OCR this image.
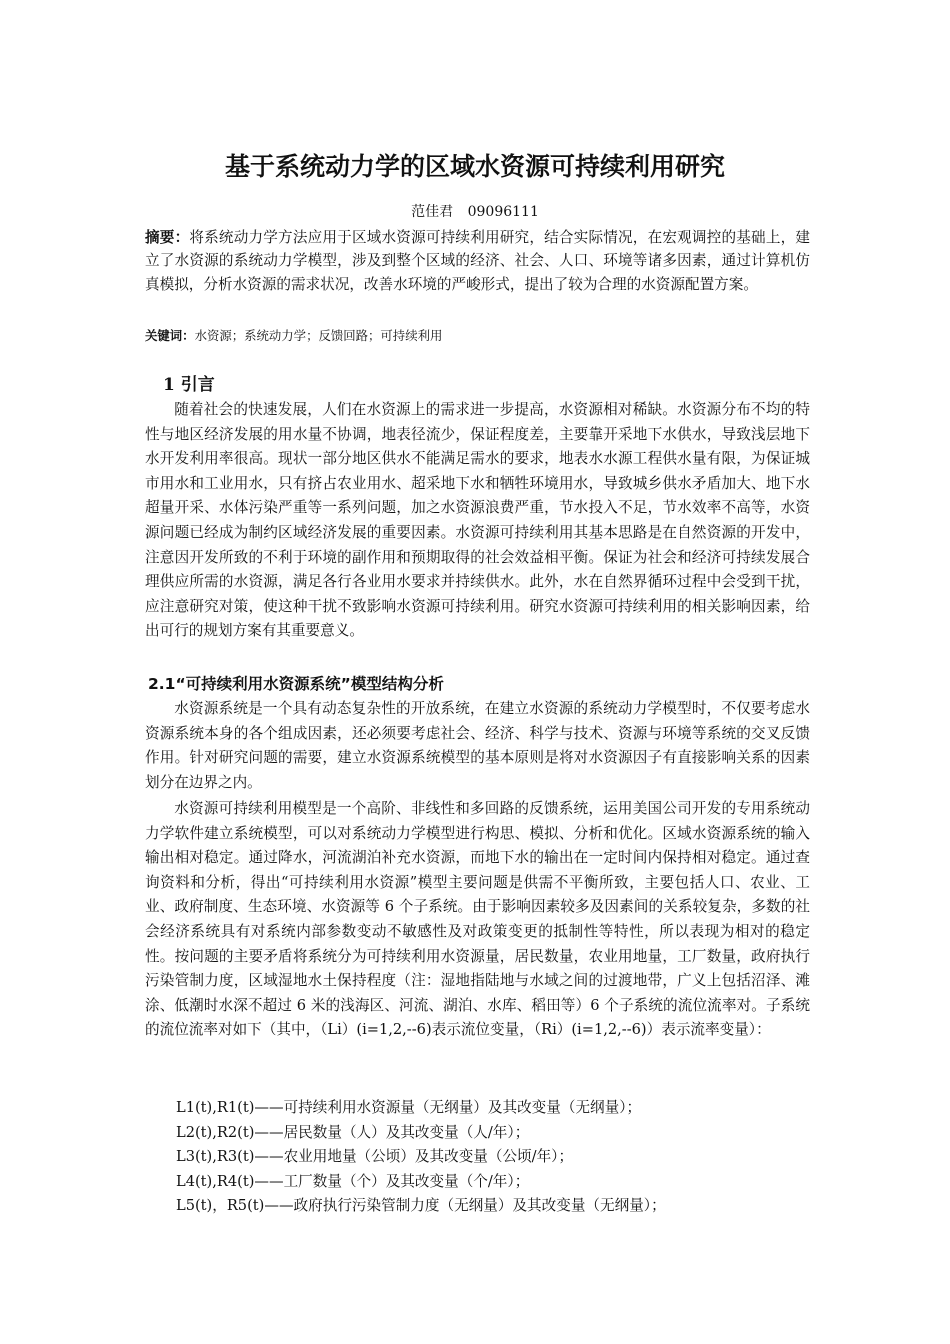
基于系统动力学的区域水资源可持续利用研究
范佳君 09096111

摘要：将系统动力学方法应用于区域水资源可持续利用研究，结合实际情况，在宏观调控的基础上，建立了水资源的系统动力学模型，涉及到整个区域的经济、社会、人口、环境等诸多因素，通过计算机仿真模拟，分析水资源的需求状况，改善水环境的严峻形式，提出了较为合理的水资源配置方案。

关键词：水资源；系统动力学；反馈回路；可持续利用

1 引言

随着社会的快速发展，人们在水资源上的需求进一步提高，水资源相对稀缺。水资源分布不均的特性与地区经济发展的用水量不协调，地表径流少，保证程度差，主要靠开采地下水供水，导致浅层地下水开发利用率很高。现状一部分地区供水不能满足需水的要求，地表水水源工程供水量有限，为保证城市用水和工业用水，只有挤占农业用水、超采地下水和牺牲环境用水，导致城乡供水矛盾加大、地下水超量开采、水体污染严重等一系列问题，加之水资源浪费严重，节水投入不足，节水效率不高等，水资源问题已经成为制约区域经济发展的重要因素。水资源可持续利用其基本思路是在自然资源的开发中，注意因开发所致的不利于环境的副作用和预期取得的社会效益相平衡。保证为社会和经济可持续发展合理供应所需的水资源，满足各行各业用水要求并持续供水。此外，水在自然界循环过程中会受到干扰，应注意研究对策，使这种干扰不致影响水资源可持续利用。研究水资源可持续利用的相关影响因素，给出可行的规划方案有其重要意义。

2.1“可持续利用水资源系统”模型结构分析

水资源系统是一个具有动态复杂性的开放系统，在建立水资源的系统动力学模型时，不仅要考虑水资源系统本身的各个组成因素，还必须要考虑社会、经济、科学与技术、资源与环境等系统的交叉反馈作用。针对研究问题的需要，建立水资源系统模型的基本原则是将对水资源因子有直接影响关系的因素划分在边界之内。

水资源可持续利用模型是一个高阶、非线性和多回路的反馈系统，运用美国公司开发的专用系统动力学软件建立系统模型，可以对系统动力学模型进行构思、模拟、分析和优化。区域水资源系统的输入输出相对稳定。通过降水，河流湖泊补充水资源，而地下水的输出在一定时间内保持相对稳定。通过查询资料和分析，得出“可持续利用水资源”模型主要问题是供需不平衡所致，主要包括人口、农业、工业、政府制度、生态环境、水资源等 6 个子系统。由于影响因素较多及因素间的关系较复杂，多数的社会经济系统具有对系统内部参数变动不敏感性及对政策变更的抵制性等特性，所以表现为相对的稳定性。按问题的主要矛盾将系统分为可持续利用水资源量，居民数量，农业用地量，工厂数量，政府执行污染管制力度，区域湿地水土保持程度（注：湿地指陆地与水域之间的过渡地带，广义上包括沼泽、滩涂、低潮时水深不超过 6 米的浅海区、河流、湖泊、水库、稻田等）6 个子系统的流位流率对。子系统的流位流率对如下（其中，（Li）(i=1,2,--6)表示流位变量，（Ri）(i=1,2,--6)）表示流率变量）：

L1(t),R1(t)——可持续利用水资源量（无纲量）及其改变量（无纲量）；
L2(t),R2(t)——居民数量（人）及其改变量（人/年）；
L3(t),R3(t)——农业用地量（公顷）及其改变量（公顷/年）；
L4(t),R4(t)——工厂数量（个）及其改变量（个/年）；
L5(t)，R5(t)——政府执行污染管制力度（无纲量）及其改变量（无纲量）；
